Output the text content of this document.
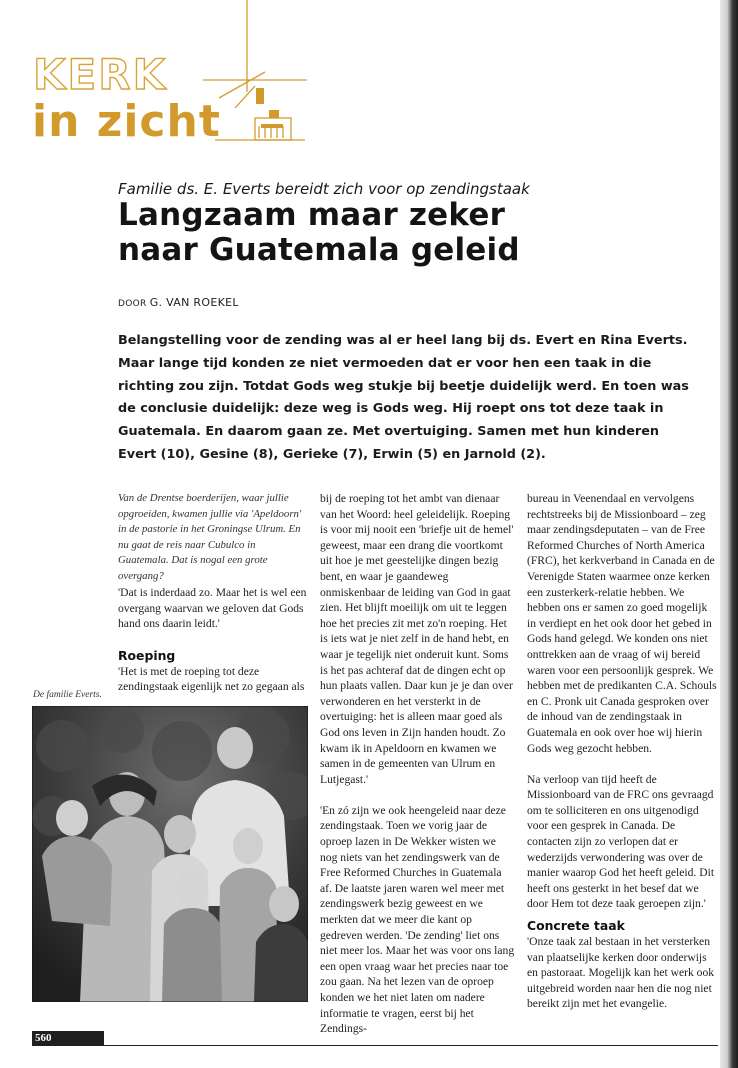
KERK
in zicht
Familie ds. E. Everts bereidt zich voor op zendingstaak
Langzaam maar zeker
naar Guatemala geleid
DOOR G. VAN ROEKEL
Belangstelling voor de zending was al er heel lang bij ds. Evert en Rina Everts. Maar lange tijd konden ze niet vermoeden dat er voor hen een taak in die richting zou zijn. Totdat Gods weg stukje bij beetje duidelijk werd. En toen was de conclusie duidelijk: deze weg is Gods weg. Hij roept ons tot deze taak in Guatemala. En daarom gaan ze. Met overtuiging. Samen met hun kinderen Evert (10), Gesine (8), Gerieke (7), Erwin (5) en Jarnold (2).

Van de Drentse boerderijen, waar jullie opgroeiden, kwamen jullie via 'Apeldoorn' in de pastorie in het Groningse Ulrum. En nu gaat de reis naar Cubulco in Guatemala. Dat is nogal een grote overgang?

'Dat is inderdaad zo. Maar het is wel een overgang waarvan we geloven dat Gods hand ons daarin leidt.'

Roeping

'Het is met de roeping tot deze zendingstaak eigenlijk net zo gegaan als

bij de roeping tot het ambt van dienaar van het Woord: heel geleidelijk. Roeping is voor mij nooit een 'briefje uit de hemel' geweest, maar een drang die voortkomt uit hoe je met geestelijke dingen bezig bent, en waar je gaandeweg onmiskenbaar de leiding van God in gaat zien. Het blijft moeilijk om uit te leggen hoe het precies zit met zo'n roeping. Het is iets wat je niet zelf in de hand hebt, en waar je tegelijk niet onderuit kunt. Soms is het pas achteraf dat de dingen echt op hun plaats vallen. Daar kun je je dan over verwonderen en het versterkt in de overtuiging: het is alleen maar goed als God ons leven in Zijn handen houdt. Zo kwam ik in Apeldoorn en kwamen we samen in de gemeenten van Ulrum en Lutjegast.'

'En zó zijn we ook heengeleid naar deze zendingstaak. Toen we vorig jaar de oproep lazen in De Wekker wisten we nog niets van het zendingswerk van de Free Reformed Churches in Guatemala af. De laatste jaren waren wel meer met zendingswerk bezig geweest en we merkten dat we meer die kant op gedreven werden. 'De zending' liet ons niet meer los. Maar het was voor ons lang een open vraag waar het precies naar toe zou gaan. Na het lezen van de oproep konden we het niet laten om nadere informatie te vragen, eerst bij het Zendings-

bureau in Veenendaal en vervolgens rechtstreeks bij de Missionboard – zeg maar zendingsdeputaten – van de Free Reformed Churches of North America (FRC), het kerkverband in Canada en de Verenigde Staten waarmee onze kerken een zusterkerk-relatie hebben. We hebben ons er samen zo goed mogelijk in verdiept en het ook door het gebed in Gods hand gelegd. We konden ons niet onttrekken aan de vraag of wij bereid waren voor een persoonlijk gesprek. We hebben met de predikanten C.A. Schouls en C. Pronk uit Canada gesproken over de inhoud van de zendingstaak in Guatemala en ook over hoe wij hierin Gods weg gezocht hebben.

Na verloop van tijd heeft de Missionboard van de FRC ons gevraagd om te solliciteren en ons uitgenodigd voor een gesprek in Canada. De contacten zijn zo verlopen dat er wederzijds verwondering was over de manier waarop God het heeft geleid. Dit heeft ons gesterkt in het besef dat we door Hem tot deze taak geroepen zijn.'

Concrete taak

'Onze taak zal bestaan in het versterken van plaatselijke kerken door onderwijs en pastoraat. Mogelijk kan het werk ook uitgebreid worden naar hen die nog niet bereikt zijn met het evangelie.

De familie Everts.
560
